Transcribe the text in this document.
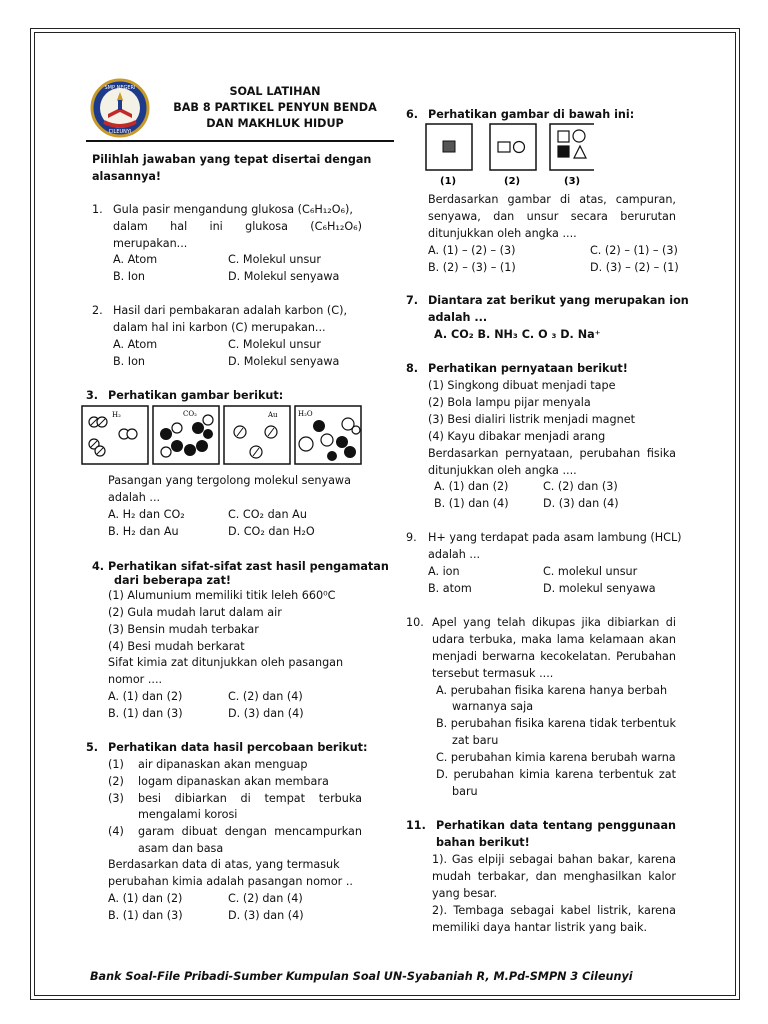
SMP NEGERI
CILEUNYI
SOAL LATIHAN
BAB 8 PARTIKEL PENYUN BENDA
DAN MAKHLUK HIDUP
Pilihlah jawaban yang tepat disertai dengan
alasannya!
1. Gula pasir mengandung glukosa (C₆H₁₂O₆),
dalam hal ini glukosa (C₆H₁₂O₆)
merupakan...
A. Atom	C. Molekul unsur
B. Ion	D. Molekul senyawa
2. Hasil dari pembakaran adalah karbon (C),
dalam hal ini karbon (C) merupakan...
A. Atom	C. Molekul unsur
B. Ion	D. Molekul senyawa
3. Perhatikan gambar berikut:
H₂	CO₂	Au	H₂O
Pasangan yang tergolong molekul senyawa
adalah ...
A. H₂ dan CO₂	C. CO₂ dan Au
B. H₂ dan Au	D. CO₂ dan H₂O
4. Perhatikan sifat-sifat zast hasil pengamatan
dari beberapa zat!
(1) Alumunium memiliki titik leleh 660⁰C
(2) Gula mudah larut dalam air
(3) Bensin mudah terbakar
(4) Besi mudah berkarat
Sifat kimia zat ditunjukkan oleh pasangan
nomor ....
A. (1) dan (2)	C. (2) dan (4)
B. (1) dan (3)	D. (3) dan (4)
5. Perhatikan data hasil percobaan berikut:
(1) air dipanaskan akan menguap
(2) logam dipanaskan akan membara
(3) besi dibiarkan di tempat terbuka
mengalami korosi
(4) garam dibuat dengan mencampurkan
asam dan basa
Berdasarkan data di atas, yang termasuk
perubahan kimia adalah pasangan nomor ..
A. (1) dan (2)	C. (2) dan (4)
B. (1) dan (3)	D. (3) dan (4)
6. Perhatikan gambar di bawah ini:
(1)	(2)	(3)
Berdasarkan gambar di atas, campuran,
senyawa, dan unsur secara berurutan
ditunjukkan oleh angka ....
A. (1) – (2) – (3)	C. (2) – (1) – (3)
B. (2) – (3) – (1)	D. (3) – (2) – (1)
7. Diantara zat berikut yang merupakan ion
adalah ...
A. CO₂ B. NH₃ C. O ₃ D. Na⁺
8. Perhatikan pernyataan berikut!
(1) Singkong dibuat menjadi tape
(2) Bola lampu pijar menyala
(3) Besi dialiri listrik menjadi magnet
(4) Kayu dibakar menjadi arang
Berdasarkan pernyataan, perubahan fisika
ditunjukkan oleh angka ....
A. (1) dan (2)	C. (2) dan (3)
B. (1) dan (4)	D. (3) dan (4)
9. H+ yang terdapat pada asam lambung (HCL)
adalah ...
A. ion	C. molekul unsur
B. atom	D. molekul senyawa
10. Apel yang telah dikupas jika dibiarkan di
udara terbuka, maka lama kelamaan akan
menjadi berwarna kecokelatan. Perubahan
tersebut termasuk ....
A. perubahan fisika karena hanya berbah
warnanya saja
B. perubahan fisika karena tidak terbentuk
zat baru
C. perubahan kimia karena berubah warna
D. perubahan kimia karena terbentuk zat
baru
11. Perhatikan data tentang penggunaan
bahan berikut!
1). Gas elpiji sebagai bahan bakar, karena
mudah terbakar, dan menghasilkan kalor
yang besar.
2). Tembaga sebagai kabel listrik, karena
memiliki daya hantar listrik yang baik.
Bank Soal-File Pribadi-Sumber Kumpulan Soal UN-Syabaniah R, M.Pd-SMPN 3 Cileunyi
